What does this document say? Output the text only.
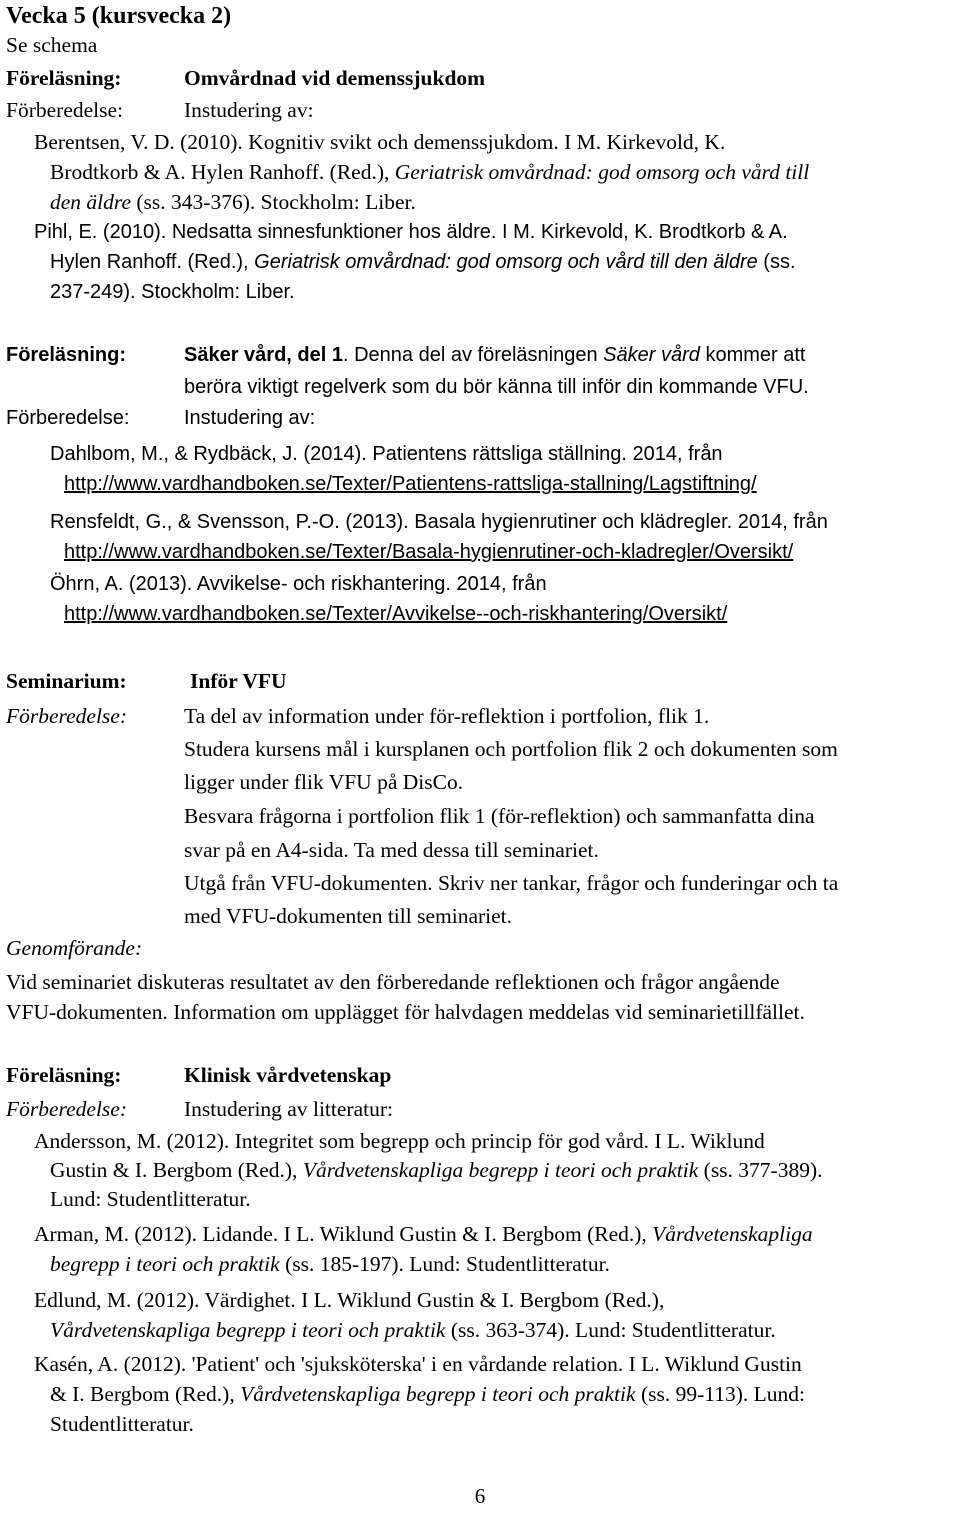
Vecka 5 (kursvecka 2)
Se schema
Föreläsning:	Omvårdnad vid demenssjukdom
Förberedelse:	Instudering av:
Berentsen, V. D. (2010). Kognitiv svikt och demenssjukdom. I M. Kirkevold, K.
Brodtkorb & A. Hylen Ranhoff. (Red.), Geriatrisk omvårdnad: god omsorg och vård till
den äldre (ss. 343-376). Stockholm: Liber.
Pihl, E. (2010). Nedsatta sinnesfunktioner hos äldre. I M. Kirkevold, K. Brodtkorb & A.
Hylen Ranhoff. (Red.), Geriatrisk omvårdnad: god omsorg och vård till den äldre (ss.
237-249). Stockholm: Liber.
Föreläsning:	Säker vård, del 1. Denna del av föreläsningen Säker vård kommer att
beröra viktigt regelverk som du bör känna till inför din kommande VFU.
Förberedelse:	Instudering av:
Dahlbom, M., & Rydbäck, J. (2014). Patientens rättsliga ställning. 2014, från
http://www.vardhandboken.se/Texter/Patientens-rattsliga-stallning/Lagstiftning/
Rensfeldt, G., & Svensson, P.-O. (2013). Basala hygienrutiner och klädregler. 2014, från
http://www.vardhandboken.se/Texter/Basala-hygienrutiner-och-kladregler/Oversikt/
Öhrn, A. (2013). Avvikelse- och riskhantering. 2014, från
http://www.vardhandboken.se/Texter/Avvikelse--och-riskhantering/Oversikt/
Seminarium:	Inför VFU
Förberedelse:	Ta del av information under för-reflektion i portfolion, flik 1.
Studera kursens mål i kursplanen och portfolion flik 2 och dokumenten som
ligger under flik VFU på DisCo.
Besvara frågorna i portfolion flik 1 (för-reflektion) och sammanfatta dina
svar på en A4-sida. Ta med dessa till seminariet.
Utgå från VFU-dokumenten. Skriv ner tankar, frågor och funderingar och ta
med VFU-dokumenten till seminariet.
Genomförande:
Vid seminariet diskuteras resultatet av den förberedande reflektionen och frågor angående
VFU-dokumenten. Information om upplägget för halvdagen meddelas vid seminarietillfället.
Föreläsning:	Klinisk vårdvetenskap
Förberedelse:	Instudering av litteratur:
Andersson, M. (2012). Integritet som begrepp och princip för god vård. I L. Wiklund
Gustin & I. Bergbom (Red.), Vårdvetenskapliga begrepp i teori och praktik (ss. 377-389).
Lund: Studentlitteratur.
Arman, M. (2012). Lidande. I L. Wiklund Gustin & I. Bergbom (Red.), Vårdvetenskapliga
begrepp i teori och praktik (ss. 185-197). Lund: Studentlitteratur.
Edlund, M. (2012). Värdighet. I L. Wiklund Gustin & I. Bergbom (Red.),
Vårdvetenskapliga begrepp i teori och praktik (ss. 363-374). Lund: Studentlitteratur.
Kasén, A. (2012). 'Patient' och 'sjuksköterska' i en vårdande relation. I L. Wiklund Gustin
& I. Bergbom (Red.), Vårdvetenskapliga begrepp i teori och praktik (ss. 99-113). Lund:
Studentlitteratur.
6
